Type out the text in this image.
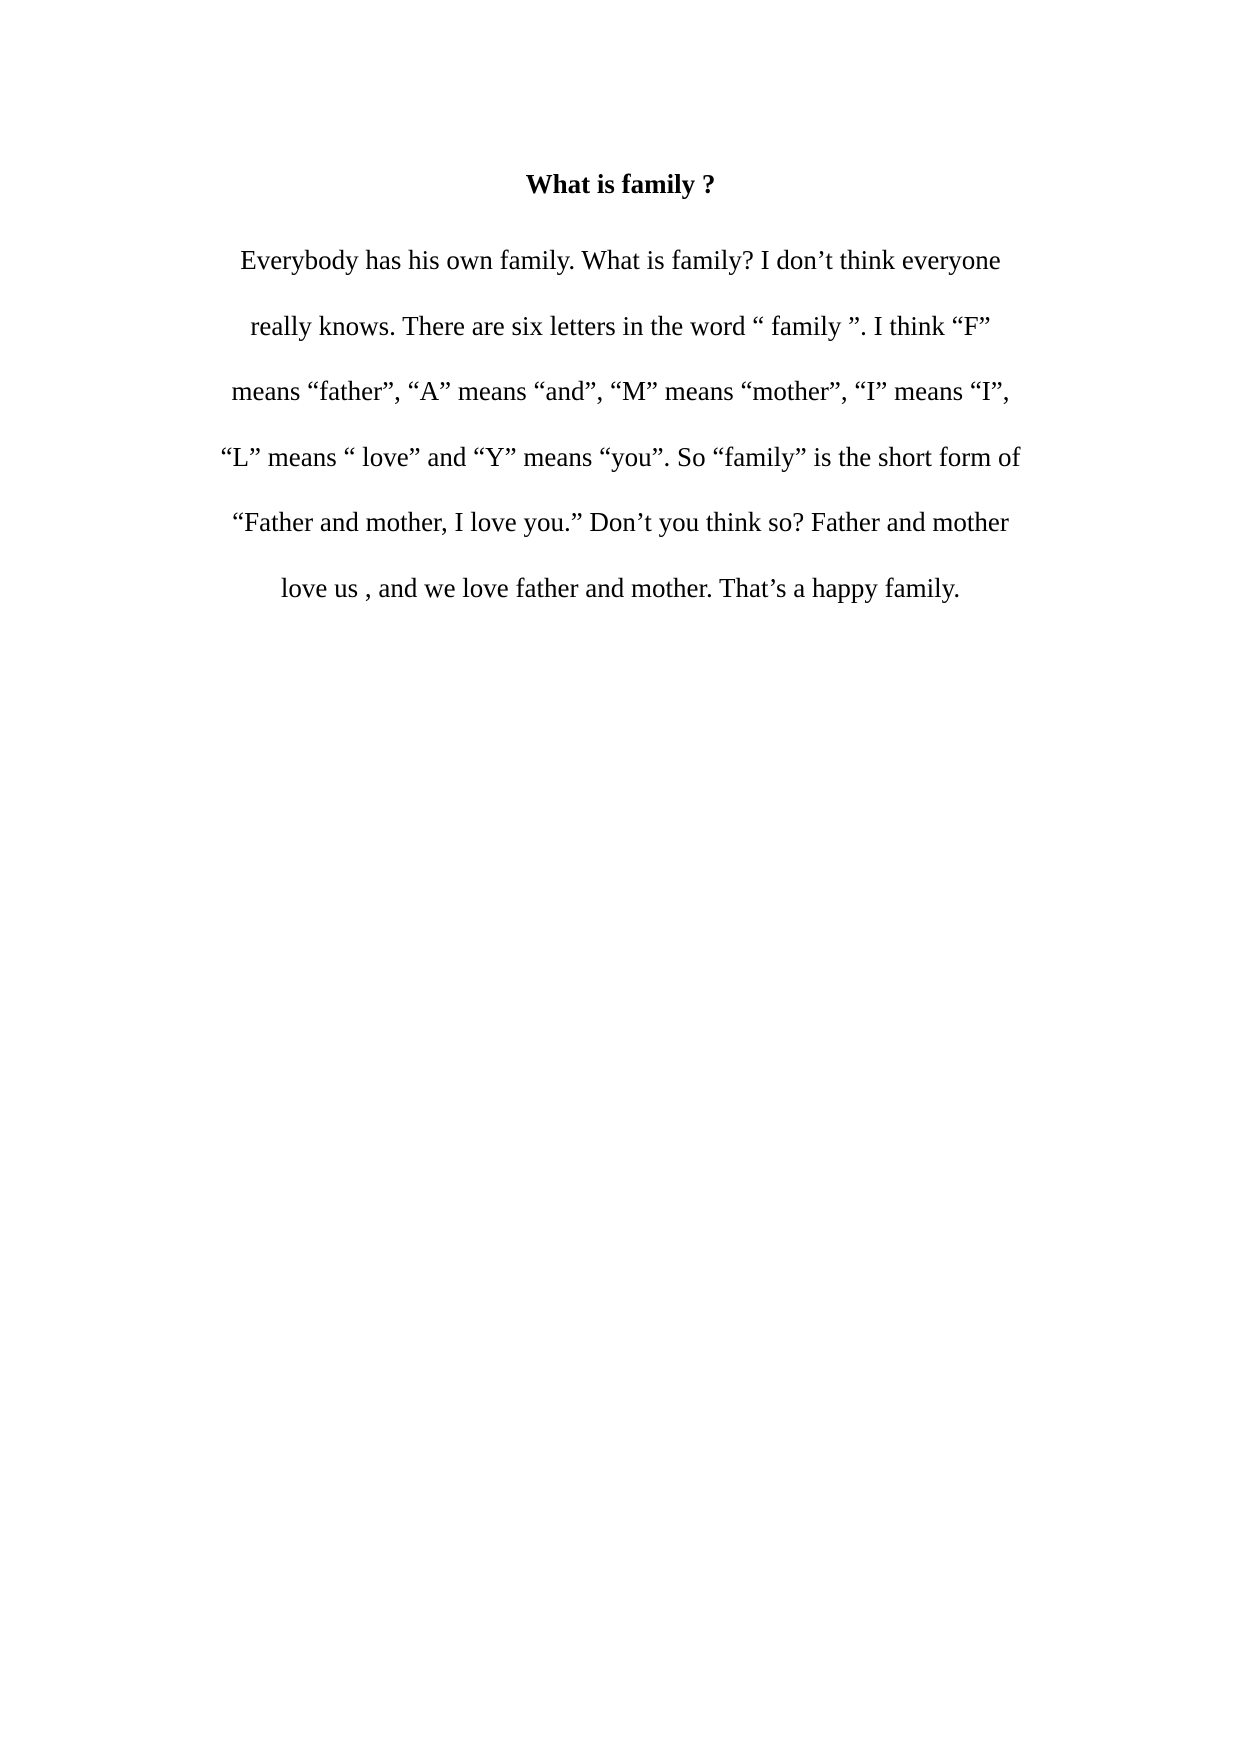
What is family ?
Everybody has his own family. What is family? I don’t think everyone
really knows. There are six letters in the word “ family ”. I think “F”
means “father”, “A” means “and”, “M” means “mother”, “I” means “I”,
“L” means “ love” and “Y” means “you”. So “family” is the short form of
“Father and mother, I love you.” Don’t you think so? Father and mother
love us , and we love father and mother. That’s a happy family.
